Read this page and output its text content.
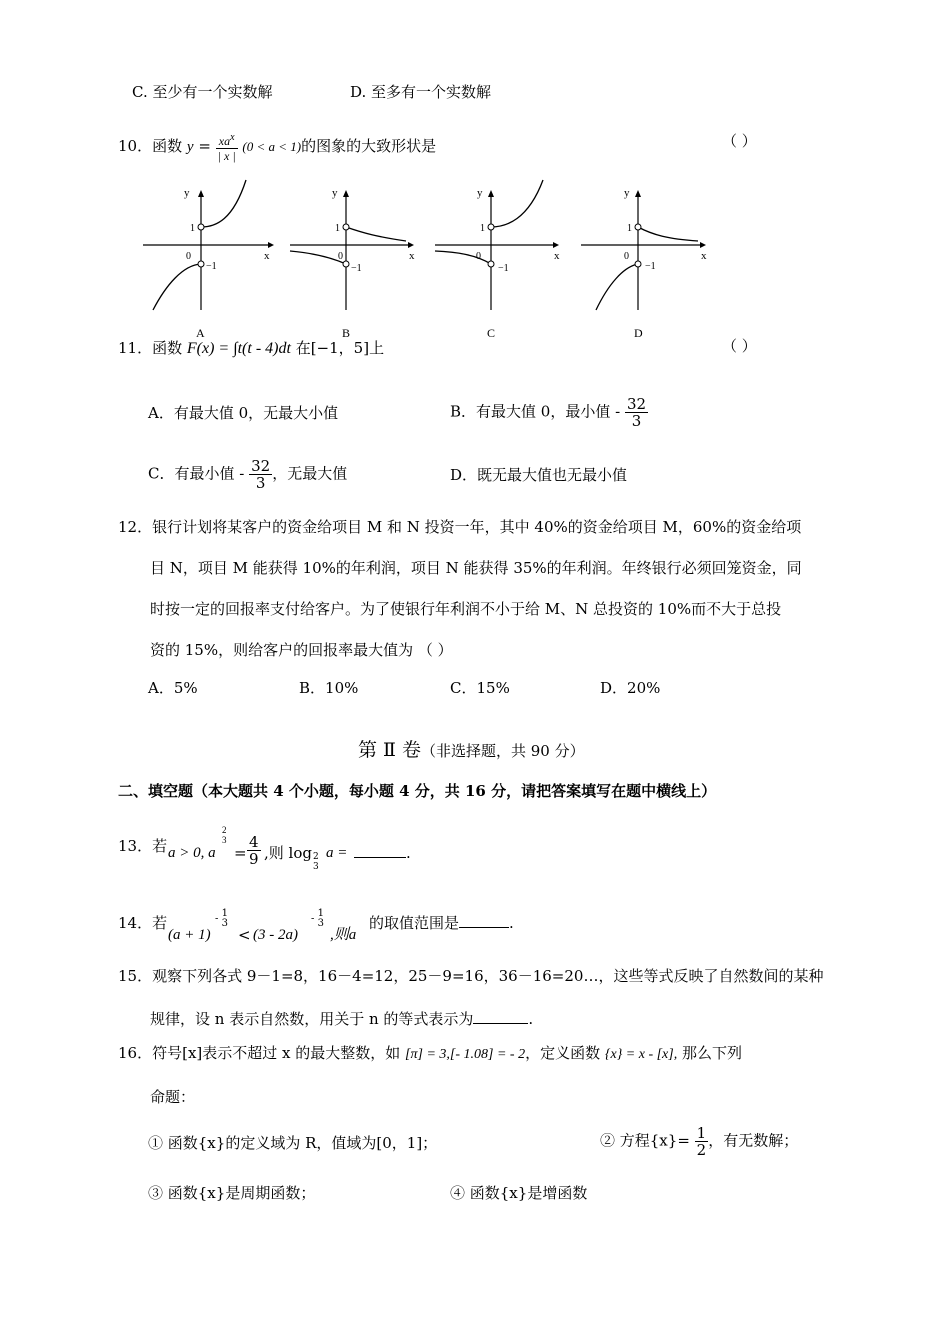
C. 至少有一个实数解	D. 至多有一个实数解
10．函数 $y = \frac{xa^x}{| x |} (0 < a < 1)$的图象的大致形状是	（ ）
y
x
1
0
−1
A
y
x
1
0
−1
B
y
x
1
0
−1
C
y
x
1
0
−1
D
11．函数 F(x) = ∫t(t - 4)dt 在[−1，5]上	（ ）
A．有最大值 0，无最大小值	B．有最大值 0，最小值 - $\frac{32}{3}$
C．有最小值 - $\frac{32}{3}$ ，无最大值	D．既无最大值也无最小值
12．银行计划将某客户的资金给项目 M 和 N 投资一年，其中 40%的资金给项目 M，60%的资金给项
目 N，项目 M 能获得 10%的年利润，项目 N 能获得 35%的年利润。年终银行必须回笼资金，同
时按一定的回报率支付给客户。为了使银行年利润不小于给 M、N 总投资的 10%而不大于总投
资的 15%，则给客户的回报率最大值为 （ ）
A．5%	B．10%	C．15%	D．20%
第 Ⅱ 卷（非选择题，共 90 分）
二、填空题（本大题共 4 个小题，每小题 4 分，共 16 分，请把答案填写在题中横线上）
13．若 a > 0, a
2
3
= $\frac{4}{9}$ ,则 log 2
3
a =	.
14．若
(a + 1)
- 1
3
< (3 - 2a)
- 1
3
,则a
的取值范围是	.
15．观察下列各式 9－1=8，16－4=12，25－9=16，36－16=20…，这些等式反映了自然数间的某种
规律，设 n 表示自然数，用关于 n 的等式表示为	.
16．符号[x]表示不超过 x 的最大整数，如 [π] = 3,[- 1.08] = - 2，定义函数 {x} = x - [x], 那么下列
命题：
① 函数{x}的定义域为 R，值域为[0，1]；	② 方程$\{x\}= \frac{1}{2}$ ，有无数解；
③ 函数{x}是周期函数；	④ 函数{x}是增函数
